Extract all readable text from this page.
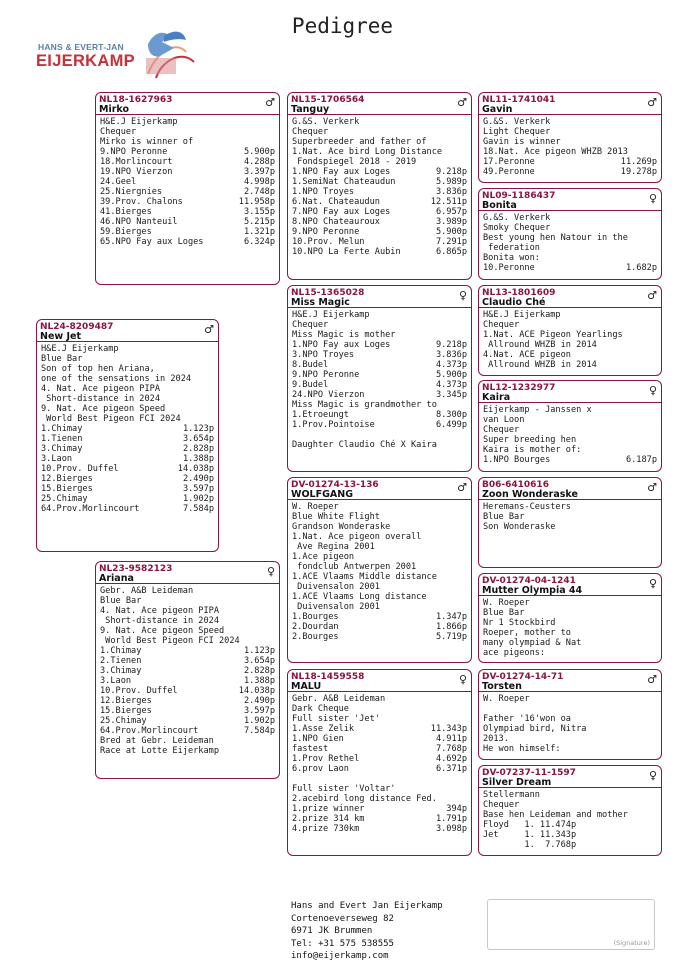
Pedigree
HANS & EVERT-JAN
EIJERKAMP
NL24-8209487
New Jet
♂
H&E.J Eijerkamp
Blue Bar
Son of top hen Ariana,
one of the sensations in 2024
4. Nat. Ace pigeon PIPA
Short-distance in 2024
9. Nat. Ace pigeon Speed
World Best Pigeon FCI 2024
1.Chimay	1.123p
1.Tienen	3.654p
3.Chimay	2.828p
3.Laon	1.388p
10.Prov. Duffel	14.038p
12.Bierges	2.490p
15.Bierges	3.597p
25.Chimay	1.902p
64.Prov.Morlincourt	7.584p
NL23-9582123
Ariana
♀
Gebr. A&B Leideman
Blue Bar
4. Nat. Ace pigeon PIPA
Short-distance in 2024
9. Nat. Ace pigeon Speed
World Best Pigeon FCI 2024
1.Chimay	1.123p
2.Tienen	3.654p
3.Chimay	2.828p
3.Laon	1.388p
10.Prov. Duffel	14.038p
12.Bierges	2.490p
15.Bierges	3.597p
25.Chimay	1.902p
64.Prov.Morlincourt	7.584p
Bred at Gebr. Leideman
Race at Lotte Eijerkamp
NL18-1627963
Mirko
♂
H&E.J Eijerkamp
Chequer
Mirko is winner of
9.NPO Peronne	5.900p
18.Morlincourt	4.288p
19.NPO Vierzon	3.397p
24.Geel	4.998p
25.Niergnies	2.748p
39.Prov. Chalons	11.958p
41.Bierges	3.155p
46.NPO Nanteuil	5.215p
59.Bierges	1.321p
65.NPO Fay aux Loges	6.324p
NL15-1706564
Tanguy
♂
G.&S. Verkerk
Chequer
Superbreeder and father of
1.Nat. Ace bird Long Distance
Fondspiegel 2018 - 2019
1.NPO Fay aux Loges	9.218p
1.SemiNat Chateaudun	5.989p
1.NPO Troyes	3.836p
6.Nat. Chateaudun	12.511p
7.NPO Fay aux Loges	6.957p
8.NPO Chateauroux	3.989p
9.NPO Peronne	5.900p
10.Prov. Melun	7.291p
10.NPO La Ferte Aubin	6.865p
NL15-1365028
Miss Magic
♀
H&E.J Eijerkamp
Chequer
Miss Magic is mother
1.NPO Fay aux Loges	9.218p
3.NPO Troyes	3.836p
8.Budel	4.373p
9.NPO Peronne	5.900p
9.Budel	4.373p
24.NPO Vierzon	3.345p
Miss Magic is grandmother to
1.Etroeungt	8.300p
1.Prov.Pointoise	6.499p

Daughter Claudio Ché X Kaira
DV-01274-13-136
WOLFGANG
♂
W. Roeper
Blue White Flight
Grandson Wonderaske
1.Nat. Ace pigeon overall
Ave Regina 2001
1.Ace pigeon
fondclub Antwerpen 2001
1.ACE Vlaams Middle distance
Duivensalon 2001
1.ACE Vlaams Long distance
Duivensalon 2001
1.Bourges	1.347p
2.Dourdan	1.866p
2.Bourges	5.719p
NL18-1459558
MALU
♀
Gebr. A&B Leideman
Dark Cheque
Full sister 'Jet'
1.Asse Zelik	11.343p
1.NPO Gien	4.911p
fastest	7.768p
1.Prov Rethel	4.692p
6.prov Laon	6.371p

Full sister 'Voltar'
2.acebird long distance Fed.
1.prize winner	394p
2.prize 314 km	1.791p
4.prize 730km	3.098p
NL11-1741041
Gavin
♂
G.&S. Verkerk
Light Chequer
Gavin is winner
18.Nat. Ace pigeon WHZB 2013
17.Peronne	11.269p
49.Peronne	19.278p
NL09-1186437
Bonita
♀
G.&S. Verkerk
Smoky Chequer
Best young hen Natour in the
federation
Bonita won:
10.Peronne	1.682p
NL13-1801609
Claudio Ché
♂
H&E.J Eijerkamp
Chequer
1.Nat. ACE Pigeon Yearlings
Allround WHZB in 2014
4.Nat. ACE pigeon
Allround WHZB in 2014
NL12-1232977
Kaira
♀
Eijerkamp - Janssen x
van Loon
Chequer
Super breeding hen
Kaira is mother of:
1.NPO Bourges	6.187p
B06-6410616
Zoon Wonderaske
♂
Heremans-Ceusters
Blue Bar
Son Wonderaske
DV-01274-04-1241
Mutter Olympia 44
♀
W. Roeper
Blue Bar
Nr 1 Stockbird
Roeper, mother to
many olympiad & Nat
ace pigeons:
DV-01274-14-71
Torsten
♂
W. Roeper

Father '16'won oa
Olympiad bird, Nitra
2013.
He won himself:
DV-07237-11-1597
Silver Dream
♀
Stellermann
Chequer
Base hen Leideman and mother
Floyd   1. 11.474p
Jet     1. 11.343p
1.  7.768p
Hans and Evert Jan Eijerkamp
Cortenoeverseweg 82
6971 JK Brummen
Tel: +31 575 538555
info@eijerkamp.com
(Signature)
